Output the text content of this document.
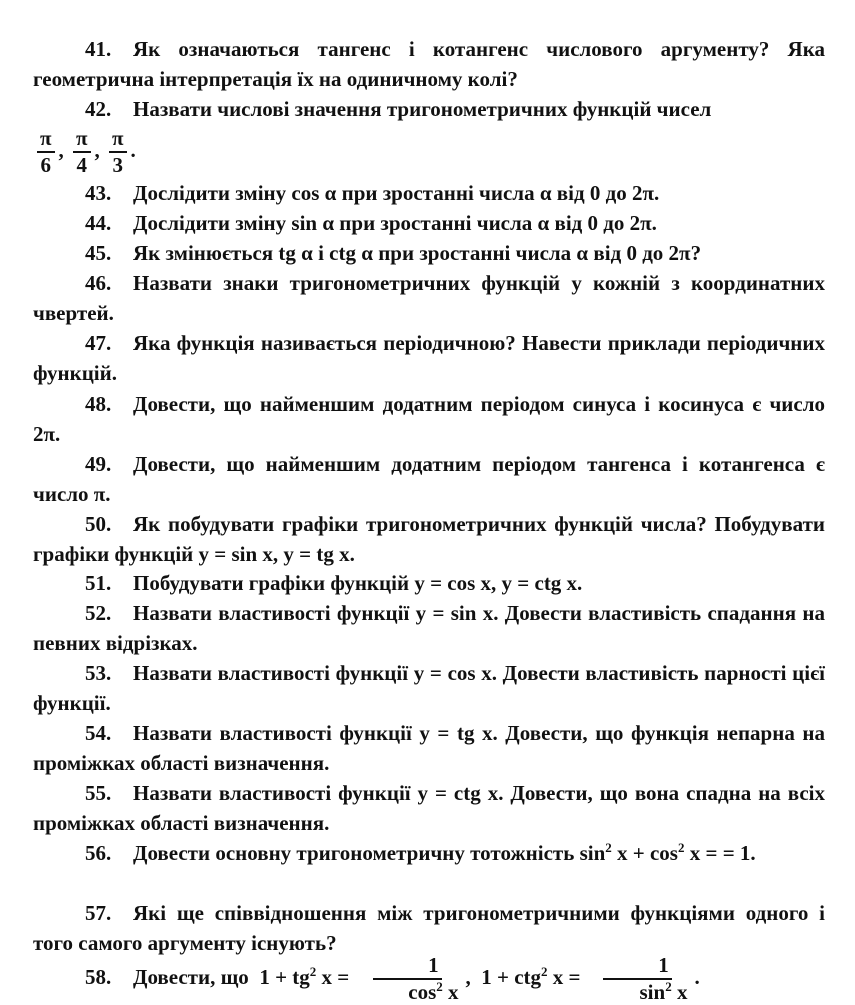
41. Як означаються тангенс і котангенс числового аргументу? Яка геометрична інтерпретація їх на одиничному колі?
42. Назвати числові значення тригонометричних функцій чисел
$\frac{\pi}{6}$ , $\frac{\pi}{4}$ , $\frac{\pi}{3}$ .
43. Дослідити зміну cos α при зростанні числа α від 0 до 2π.
44. Дослідити зміну sin α при зростанні числа α від 0 до 2π.
45. Як змінюється tg α і ctg α при зростанні числа α від 0 до 2π?
46. Назвати знаки тригонометричних функцій у кожній з координатних чвертей.
47. Яка функція називається періодичною? Навести приклади періодичних функцій.
48. Довести, що найменшим додатним періодом синуса і косинуса є число 2π.
49. Довести, що найменшим додатним періодом тангенса і котангенса є число π.
50. Як побудувати графіки тригонометричних функцій числа? Побудувати графіки функцій y = sin x, y = tg x.
51. Побудувати графіки функцій y = cos x, y = ctg x.
52. Назвати властивості функції y = sin x. Довести властивість спадання на певних відрізках.
53. Назвати властивості функції y = cos x. Довести властивість парності цієї функції.
54. Назвати властивості функції y = tg x. Довести, що функція непарна на проміжках області визначення.
55. Назвати властивості функції y = ctg x. Довести, що вона спадна на всіх проміжках області визначення.
56. Довести основну тригонометричну тотожність $\sin^2 x + \cos^2 x$ = = 1.
57. Які ще співвідношення між тригонометричними функціями одного і того самого аргументу існують?
58. Довести, що $1 + tg^2$ $x = \frac{1}{\cos^2 x}$ , 1 + ctg$^2$ $x = \frac{1}{\sin^2 x}$ .
